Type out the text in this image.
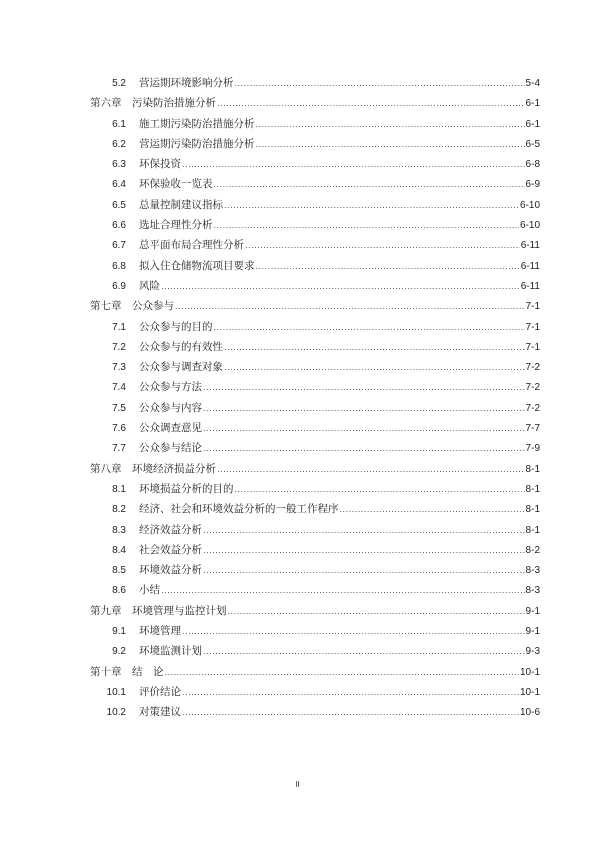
5.2	营运期环境影响分析 .....	5-4
第六章　污染防治措施分析 .....	6-1
6.1	施工期污染防治措施分析 .....	6-1
6.2	营运期污染防治措施分析 .....	6-5
6.3	环保投资 .....	6-8
6.4	环保验收一览表 .....	6-9
6.5	总量控制建议指标 .....	6-10
6.6	选址合理性分析 .....	6-10
6.7	总平面布局合理性分析 .....	6-11
6.8	拟入住仓储物流项目要求 .....	6-11
6.9	风险 .....	6-11
第七章　公众参与 .....	7-1
7.1	公众参与的目的 .....	7-1
7.2	公众参与的有效性 .....	7-1
7.3	公众参与调查对象 .....	7-2
7.4	公众参与方法 .....	7-2
7.5	公众参与内容 .....	7-2
7.6	公众调查意见 .....	7-7
7.7	公众参与结论 .....	7-9
第八章　环境经济损益分析 .....	8-1
8.1	环境损益分析的目的 .....	8-1
8.2	经济、社会和环境效益分析的一般工作程序 .....	8-1
8.3	经济效益分析 .....	8-1
8.4	社会效益分析 .....	8-2
8.5	环境效益分析 .....	8-3
8.6	小结 .....	8-3
第九章　环境管理与监控计划 .....	9-1
9.1	环境管理 .....	9-1
9.2	环境监测计划 .....	9-3
第十章　结　论 .....	10-1
10.1	评价结论 .....	10-1
10.2	对策建议 .....	10-6
II
